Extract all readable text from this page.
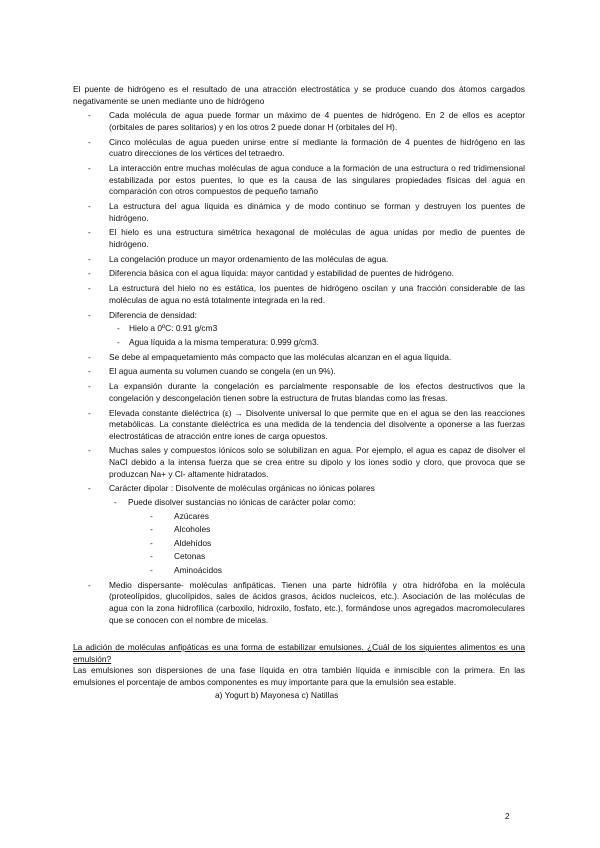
El puente de hidrógeno es el resultado de una atracción electrostática y se produce cuando dos átomos cargados negativamente se unen mediante uno de hidrógeno

- Cada molécula de agua puede formar un máximo de 4 puentes de hidrógeno. En 2 de ellos es aceptor (orbitales de pares solitarios) y en los otros 2 puede donar H (orbitales del H).
- Cinco moléculas de agua pueden unirse entre sí mediante la formación de 4 puentes de hidrógeno en las cuatro direcciones de los vértices del tetraedro.
- La interacción entre muchas moléculas de agua conduce a la formación de una estructura o red tridimensional estabilizada por estos puentes, lo que es la causa de las singulares propiedades físicas del agua en comparación con otros compuestos de pequeño tamaño
- La estructura del agua líquida es dinámica y de modo continuo se forman y destruyen los puentes de hidrógeno.
- El hielo es una estructura simétrica hexagonal de moléculas de agua unidas por medio de puentes de hidrógeno.
- La congelación produce un mayor ordenamiento de las moléculas de agua.
- Diferencia básica con el agua líquida: mayor cantidad y estabilidad de puentes de hidrógeno.
- La estructura del hielo no es estática, los puentes de hidrógeno oscilan y una fracción considerable de las moléculas de agua no está totalmente integrada en la red.
- Diferencia de densidad:
- Hielo a 0ºC: 0.91 g/cm3
- Agua líquida a la misma temperatura: 0.999 g/cm3.
- Se debe al empaquetamiento más compacto que las moléculas alcanzan en el agua líquida.
- El agua aumenta su volumen cuando se congela (en un 9%).
- La expansión durante la congelación es parcialmente responsable de los efectos destructivos que la congelación y descongelación tienen sobre la estructura de frutas blandas como las fresas.
- Elevada constante dieléctrica (ε) → Disolvente universal lo que permite que en el agua se den las reacciones metabólicas. La constante dieléctrica es una medida de la tendencia del disolvente a oponerse a las fuerzas electrostáticas de atracción entre iones de carga opuestos.
- Muchas sales y compuestos iónicos solo se solubilizan en agua. Por ejemplo, el agua es capaz de disolver el NaCl debido a la intensa fuerza que se crea entre su dipolo y los iones sodio y cloro, que provoca que se produzcan Na+ y Cl- altamente hidratados.
- Carácter dipolar : Disolvente de moléculas orgánicas no iónicas polares
- Puede disolver sustancias no iónicas de carácter polar como:
- Azúcares
- Alcoholes
- Aldehídos
- Cetonas
- Aminoácidos
- Medio dispersante- moléculas anfipáticas. Tienen una parte hidrófila y otra hidrófoba en la molécula (proteolípidos, glucolípidos, sales de ácidos grasos, ácidos nucleicos, etc.). Asociación de las moléculas de agua con la zona hidrofílica (carboxilo, hidroxilo, fosfato, etc.), formándose unos agregados macromoleculares que se conocen con el nombre de micelas.

La adición de moléculas anfipáticas es una forma de estabilizar emulsiones. ¿Cuál de los siguientes alimentos es una emulsión?

Las emulsiones son dispersiones de una fase líquida en otra también líquida e inmiscible con la primera. En las emulsiones el porcentaje de ambos componentes es muy importante para que la emulsión sea estable.

a) Yogurt b) Mayonesa c) Natillas

2
